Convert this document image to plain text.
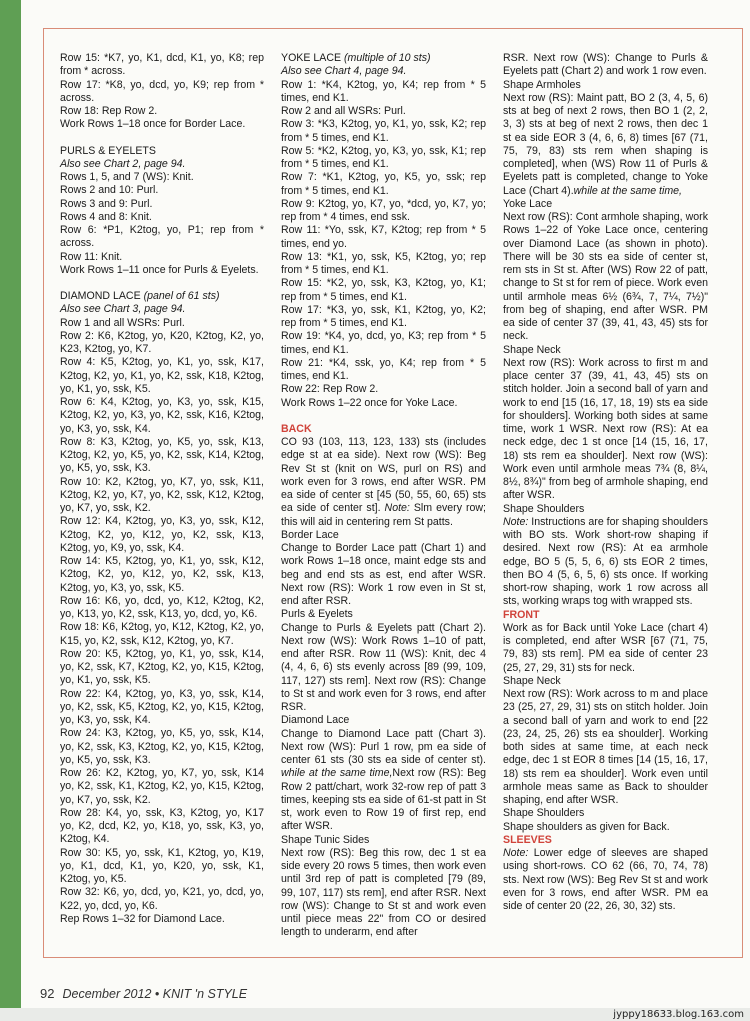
Row 15: *K7, yo, K1, dcd, K1, yo, K8; rep from * across.

Row 17: *K8, yo, dcd, yo, K9; rep from * across.

Row 18: Rep Row 2.

Work Rows 1–18 once for Border Lace.

PURLS & EYELETS

Also see Chart 2, page 94.

Rows 1, 5, and 7 (WS): Knit.

Rows 2 and 10: Purl.

Rows 3 and 9: Purl.

Rows 4 and 8: Knit.

Row 6: *P1, K2tog, yo, P1; rep from * across.

Row 11: Knit.

Work Rows 1–11 once for Purls & Eyelets.

DIAMOND LACE (panel of 61 sts)

Also see Chart 3, page 94.

Row 1 and all WSRs: Purl.

Row 2: K6, K2tog, yo, K20, K2tog, K2, yo, K23, K2tog, yo, K7.

Row 4: K5, K2tog, yo, K1, yo, ssk, K17, K2tog, K2, yo, K1, yo, K2, ssk, K18, K2tog, yo, K1, yo, ssk, K5.

Row 6: K4, K2tog, yo, K3, yo, ssk, K15, K2tog, K2, yo, K3, yo, K2, ssk, K16, K2tog, yo, K3, yo, ssk, K4.

Row 8: K3, K2tog, yo, K5, yo, ssk, K13, K2tog, K2, yo, K5, yo, K2, ssk, K14, K2tog, yo, K5, yo, ssk, K3.

Row 10: K2, K2tog, yo, K7, yo, ssk, K11, K2tog, K2, yo, K7, yo, K2, ssk, K12, K2tog, yo, K7, yo, ssk, K2.

Row 12: K4, K2tog, yo, K3, yo, ssk, K12, K2tog, K2, yo, K12, yo, K2, ssk, K13, K2tog, yo, K9, yo, ssk, K4.

Row 14: K5, K2tog, yo, K1, yo, ssk, K12, K2tog, K2, yo, K12, yo, K2, ssk, K13, K2tog, yo, K3, yo, ssk, K5.

Row 16: K6, yo, dcd, yo, K12, K2tog, K2, yo, K13, yo, K2, ssk, K13, yo, dcd, yo, K6.

Row 18: K6, K2tog, yo, K12, K2tog, K2, yo, K15, yo, K2, ssk, K12, K2tog, yo, K7.

Row 20: K5, K2tog, yo, K1, yo, ssk, K14, yo, K2, ssk, K7, K2tog, K2, yo, K15, K2tog, yo, K1, yo, ssk, K5.

Row 22: K4, K2tog, yo, K3, yo, ssk, K14, yo, K2, ssk, K5, K2tog, K2, yo, K15, K2tog, yo, K3, yo, ssk, K4.

Row 24: K3, K2tog, yo, K5, yo, ssk, K14, yo, K2, ssk, K3, K2tog, K2, yo, K15, K2tog, yo, K5, yo, ssk, K3.

Row 26: K2, K2tog, yo, K7, yo, ssk, K14 yo, K2, ssk, K1, K2tog, K2, yo, K15, K2tog, yo, K7, yo, ssk, K2.

Row 28: K4, yo, ssk, K3, K2tog, yo, K17 yo, K2, dcd, K2, yo, K18, yo, ssk, K3, yo, K2tog, K4.

Row 30: K5, yo, ssk, K1, K2tog, yo, K19, yo, K1, dcd, K1, yo, K20, yo, ssk, K1, K2tog, yo, K5.

Row 32: K6, yo, dcd, yo, K21, yo, dcd, yo, K22, yo, dcd, yo, K6.

Rep Rows 1–32 for Diamond Lace.

YOKE LACE (multiple of 10 sts)

Also see Chart 4, page 94.

Row 1: *K4, K2tog, yo, K4; rep from * 5 times, end K1.

Row 2 and all WSRs: Purl.

Row 3: *K3, K2tog, yo, K1, yo, ssk, K2; rep from * 5 times, end K1.

Row 5: *K2, K2tog, yo, K3, yo, ssk, K1; rep from * 5 times, end K1.

Row 7: *K1, K2tog, yo, K5, yo, ssk; rep from * 5 times, end K1.

Row 9: K2tog, yo, K7, yo, *dcd, yo, K7, yo; rep from * 4 times, end ssk.

Row 11: *Yo, ssk, K7, K2tog; rep from * 5 times, end yo.

Row 13: *K1, yo, ssk, K5, K2tog, yo; rep from * 5 times, end K1.

Row 15: *K2, yo, ssk, K3, K2tog, yo, K1; rep from * 5 times, end K1.

Row 17: *K3, yo, ssk, K1, K2tog, yo, K2; rep from * 5 times, end K1.

Row 19: *K4, yo, dcd, yo, K3; rep from * 5 times, end K1.

Row 21: *K4, ssk, yo, K4; rep from * 5 times, end K1.

Row 22: Rep Row 2.

Work Rows 1–22 once for Yoke Lace.

BACK

CO 93 (103, 113, 123, 133) sts (includes edge st at ea side). Next row (WS): Beg Rev St st (knit on WS, purl on RS) and work even for 3 rows, end after WSR. PM ea side of center st [45 (50, 55, 60, 65) sts ea side of center st]. Note: Slm every row; this will aid in centering rem St patts.

Border Lace

Change to Border Lace patt (Chart 1) and work Rows 1–18 once, maint edge sts and beg and end sts as est, end after WSR. Next row (RS): Work 1 row even in St st, end after RSR.

Purls & Eyelets

Change to Purls & Eyelets patt (Chart 2). Next row (WS): Work Rows 1–10 of patt, end after RSR. Row 11 (WS): Knit, dec 4 (4, 4, 6, 6) sts evenly across [89 (99, 109, 117, 127) sts rem]. Next row (RS): Change to St st and work even for 3 rows, end after RSR.

Diamond Lace

Change to Diamond Lace patt (Chart 3). Next row (WS): Purl 1 row, pm ea side of center 61 sts (30 sts ea side of center st). while at the same time,Next row (RS): Beg Row 2 patt/chart, work 32-row rep of patt 3 times, keeping sts ea side of 61-st patt in St st, work even to Row 19 of first rep, end after WSR.

Shape Tunic Sides

Next row (RS): Beg this row, dec 1 st ea side every 20 rows 5 times, then work even until 3rd rep of patt is completed [79 (89, 99, 107, 117) sts rem], end after RSR. Next row (WS): Change to St st and work even until piece meas 22" from CO or desired length to underarm, end after

RSR. Next row (WS): Change to Purls & Eyelets patt (Chart 2) and work 1 row even.

Shape Armholes

Next row (RS): Maint patt, BO 2 (3, 4, 5, 6) sts at beg of next 2 rows, then BO 1 (2, 2, 3, 3) sts at beg of next 2 rows, then dec 1 st ea side EOR 3 (4, 6, 6, 8) times [67 (71, 75, 79, 83) sts rem when shaping is completed], when (WS) Row 11 of Purls & Eyelets patt is completed, change to Yoke Lace (Chart 4).while at the same time,

Yoke Lace

Next row (RS): Cont armhole shaping, work Rows 1–22 of Yoke Lace once, centering over Diamond Lace (as shown in photo). There will be 30 sts ea side of center st, rem sts in St st. After (WS) Row 22 of patt, change to St st for rem of piece. Work even until armhole meas 6½ (6¾, 7, 7¼, 7½)" from beg of shaping, end after WSR. PM ea side of center 37 (39, 41, 43, 45) sts for neck.

Shape Neck

Next row (RS): Work across to first m and place center 37 (39, 41, 43, 45) sts on stitch holder. Join a second ball of yarn and work to end [15 (16, 17, 18, 19) sts ea side for shoulders]. Working both sides at same time, work 1 WSR. Next row (RS): At ea neck edge, dec 1 st once [14 (15, 16, 17, 18) sts rem ea shoulder]. Next row (WS): Work even until armhole meas 7¾ (8, 8¼, 8½, 8¾)" from beg of armhole shaping, end after WSR.

Shape Shoulders

Note: Instructions are for shaping shoulders with BO sts. Work short-row shaping if desired. Next row (RS): At ea armhole edge, BO 5 (5, 5, 6, 6) sts EOR 2 times, then BO 4 (5, 6, 5, 6) sts once. If working short-row shaping, work 1 row across all sts, working wraps tog with wrapped sts.

FRONT

Work as for Back until Yoke Lace (chart 4) is completed, end after WSR [67 (71, 75, 79, 83) sts rem]. PM ea side of center 23 (25, 27, 29, 31) sts for neck.

Shape Neck

Next row (RS): Work across to m and place 23 (25, 27, 29, 31) sts on stitch holder. Join a second ball of yarn and work to end [22 (23, 24, 25, 26) sts ea shoulder]. Working both sides at same time, at each neck edge, dec 1 st EOR 8 times [14 (15, 16, 17, 18) sts rem ea shoulder]. Work even until armhole meas same as Back to shoulder shaping, end after WSR.

Shape Shoulders

Shape shoulders as given for Back.

SLEEVES

Note: Lower edge of sleeves are shaped using short-rows. CO 62 (66, 70, 74, 78) sts. Next row (WS): Beg Rev St st and work even for 3 rows, end after WSR. PM ea side of center 20 (22, 26, 30, 32) sts.

92 December 2012 • KNIT 'n STYLE
jyppy18633.blog.163.com
